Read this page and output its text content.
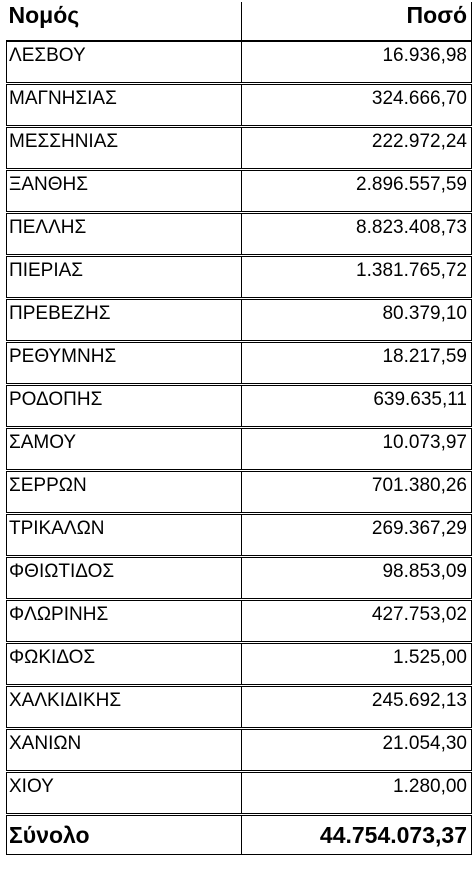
Νομός	Ποσό
ΛΕΣΒΟΥ	16.936,98
ΜΑΓΝΗΣΙΑΣ	324.666,70
ΜΕΣΣΗΝΙΑΣ	222.972,24
ΞΑΝΘΗΣ	2.896.557,59
ΠΕΛΛΗΣ	8.823.408,73
ΠΙΕΡΙΑΣ	1.381.765,72
ΠΡΕΒΕΖΗΣ	80.379,10
ΡΕΘΥΜΝΗΣ	18.217,59
ΡΟΔΟΠΗΣ	639.635,11
ΣΑΜΟΥ	10.073,97
ΣΕΡΡΩΝ	701.380,26
ΤΡΙΚΑΛΩΝ	269.367,29
ΦΘΙΩΤΙΔΟΣ	98.853,09
ΦΛΩΡΙΝΗΣ	427.753,02
ΦΩΚΙΔΟΣ	1.525,00
ΧΑΛΚΙΔΙΚΗΣ	245.692,13
ΧΑΝΙΩΝ	21.054,30
ΧΙΟΥ	1.280,00
Σύνολο	44.754.073,37
